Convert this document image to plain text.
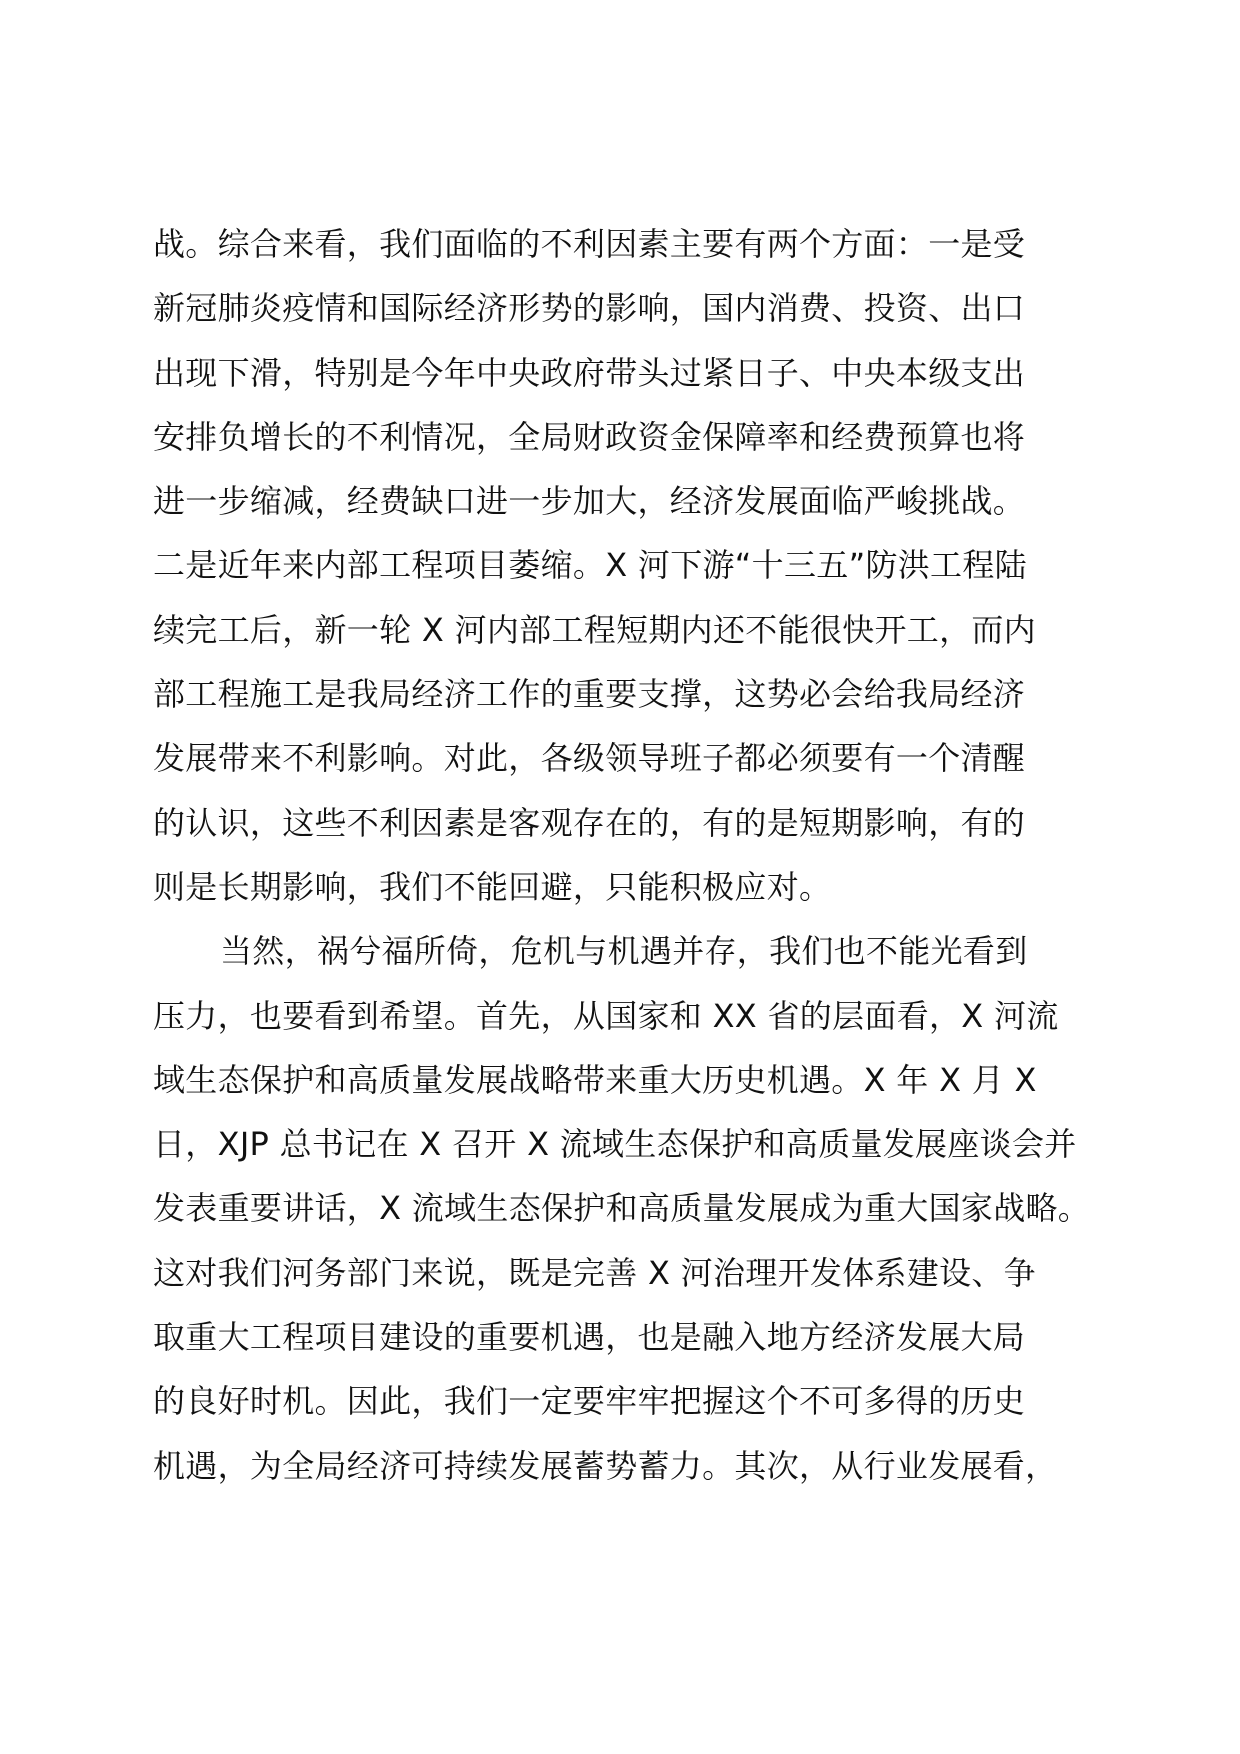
战。综合来看，我们面临的不利因素主要有两个方面：一是受
新冠肺炎疫情和国际经济形势的影响，国内消费、投资、出口
出现下滑，特别是今年中央政府带头过紧日子、中央本级支出
安排负增长的不利情况，全局财政资金保障率和经费预算也将
进一步缩减，经费缺口进一步加大，经济发展面临严峻挑战。
二是近年来内部工程项目萎缩。X 河下游“十三五”防洪工程陆
续完工后，新一轮 X 河内部工程短期内还不能很快开工，而内
部工程施工是我局经济工作的重要支撑，这势必会给我局经济
发展带来不利影响。对此，各级领导班子都必须要有一个清醒
的认识，这些不利因素是客观存在的，有的是短期影响，有的
则是长期影响，我们不能回避，只能积极应对。
当然，祸兮福所倚，危机与机遇并存，我们也不能光看到
压力，也要看到希望。首先，从国家和 XX 省的层面看，X 河流
域生态保护和高质量发展战略带来重大历史机遇。X 年 X 月 X
日，XJP 总书记在 X 召开 X 流域生态保护和高质量发展座谈会并
发表重要讲话，X 流域生态保护和高质量发展成为重大国家战略。
这对我们河务部门来说，既是完善 X 河治理开发体系建设、争
取重大工程项目建设的重要机遇，也是融入地方经济发展大局
的良好时机。因此，我们一定要牢牢把握这个不可多得的历史
机遇，为全局经济可持续发展蓄势蓄力。其次，从行业发展看，
